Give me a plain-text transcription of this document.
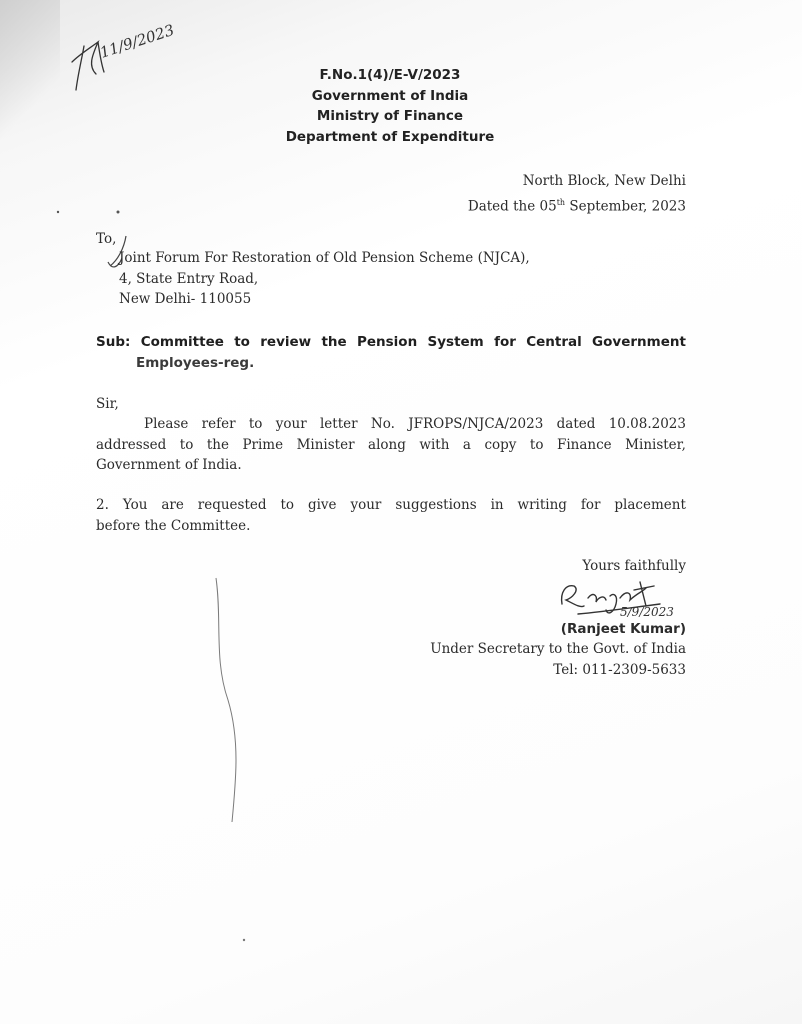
11/9/2023
5/9/2023
F.No.1(4)/E-V/2023
Government of India
Ministry of Finance
Department of Expenditure
North Block, New Delhi
Dated the 05th September, 2023
To,
Joint Forum For Restoration of Old Pension Scheme (NJCA),
4, State Entry Road,
New Delhi- 110055
Sub: Committee to review the Pension System for Central Government
Employees-reg.
Sir,
Please refer to your letter No. JFROPS/NJCA/2023 dated 10.08.2023
addressed to the Prime Minister along with a copy to Finance Minister,
Government of India.
2. You are requested to give your suggestions in writing for placement
before the Committee.
Yours faithfully
(Ranjeet Kumar)
Under Secretary to the Govt. of India
Tel: 011-2309-5633
